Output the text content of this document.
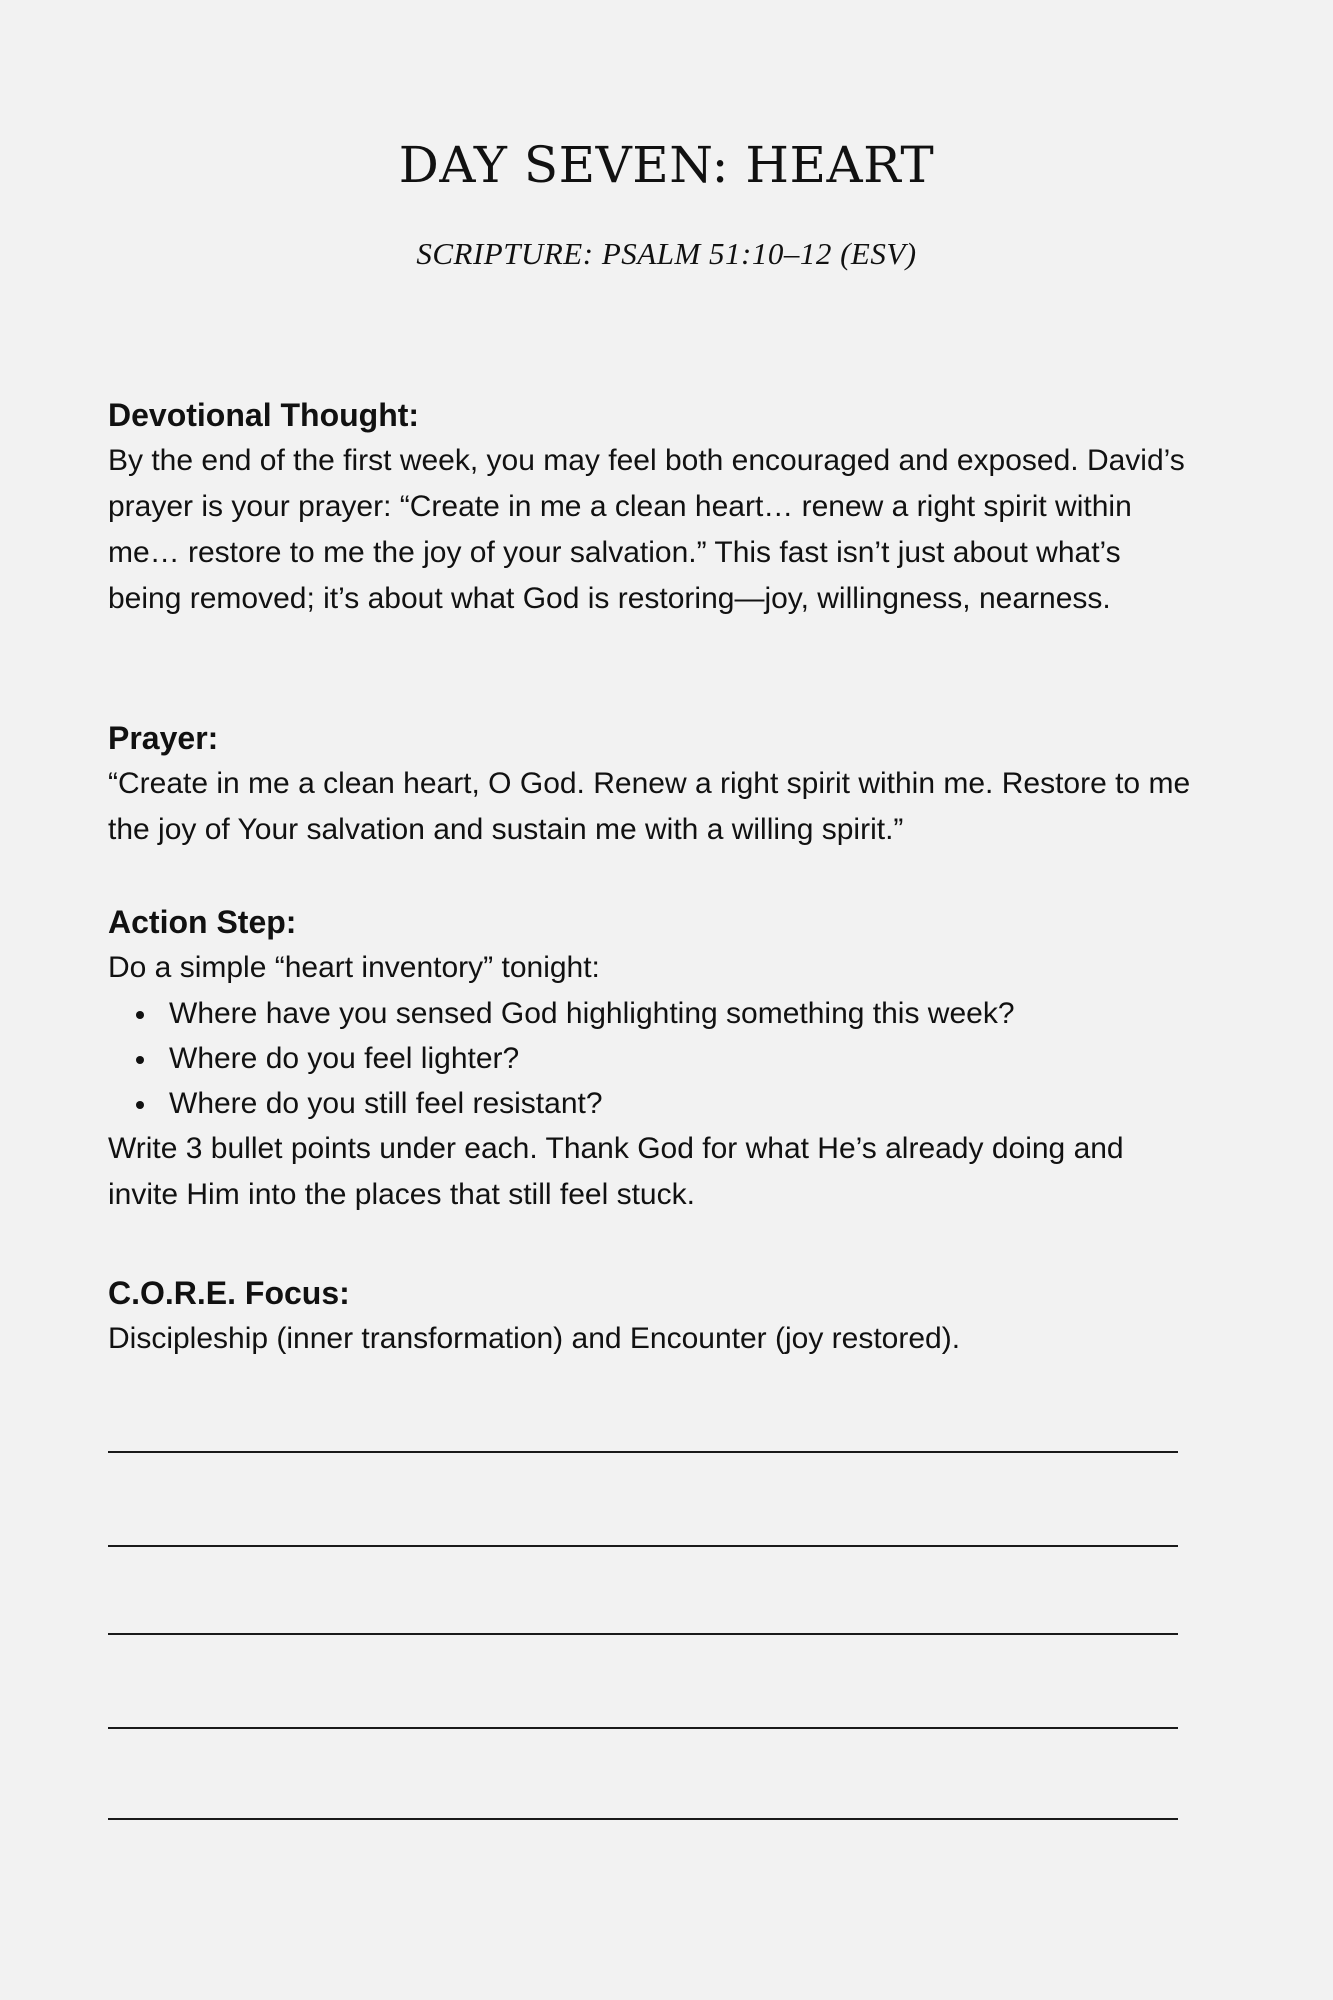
DAY SEVEN: HEART

SCRIPTURE: PSALM 51:10–12 (ESV)

Devotional Thought:

By the end of the first week, you may feel both encouraged and exposed. David’s prayer is your prayer: “Create in me a clean heart… renew a right spirit within me… restore to me the joy of your salvation.” This fast isn’t just about what’s being removed; it’s about what God is restoring—joy, willingness, nearness.

Prayer:

“Create in me a clean heart, O God. Renew a right spirit within me. Restore to me the joy of Your salvation and sustain me with a willing spirit.”

Action Step:

Do a simple “heart inventory” tonight:

Where have you sensed God highlighting something this week?
Where do you feel lighter?
Where do you still feel resistant?

Write 3 bullet points under each. Thank God for what He’s already doing and invite Him into the places that still feel stuck.

C.O.R.E. Focus:

Discipleship (inner transformation) and Encounter (joy restored).
